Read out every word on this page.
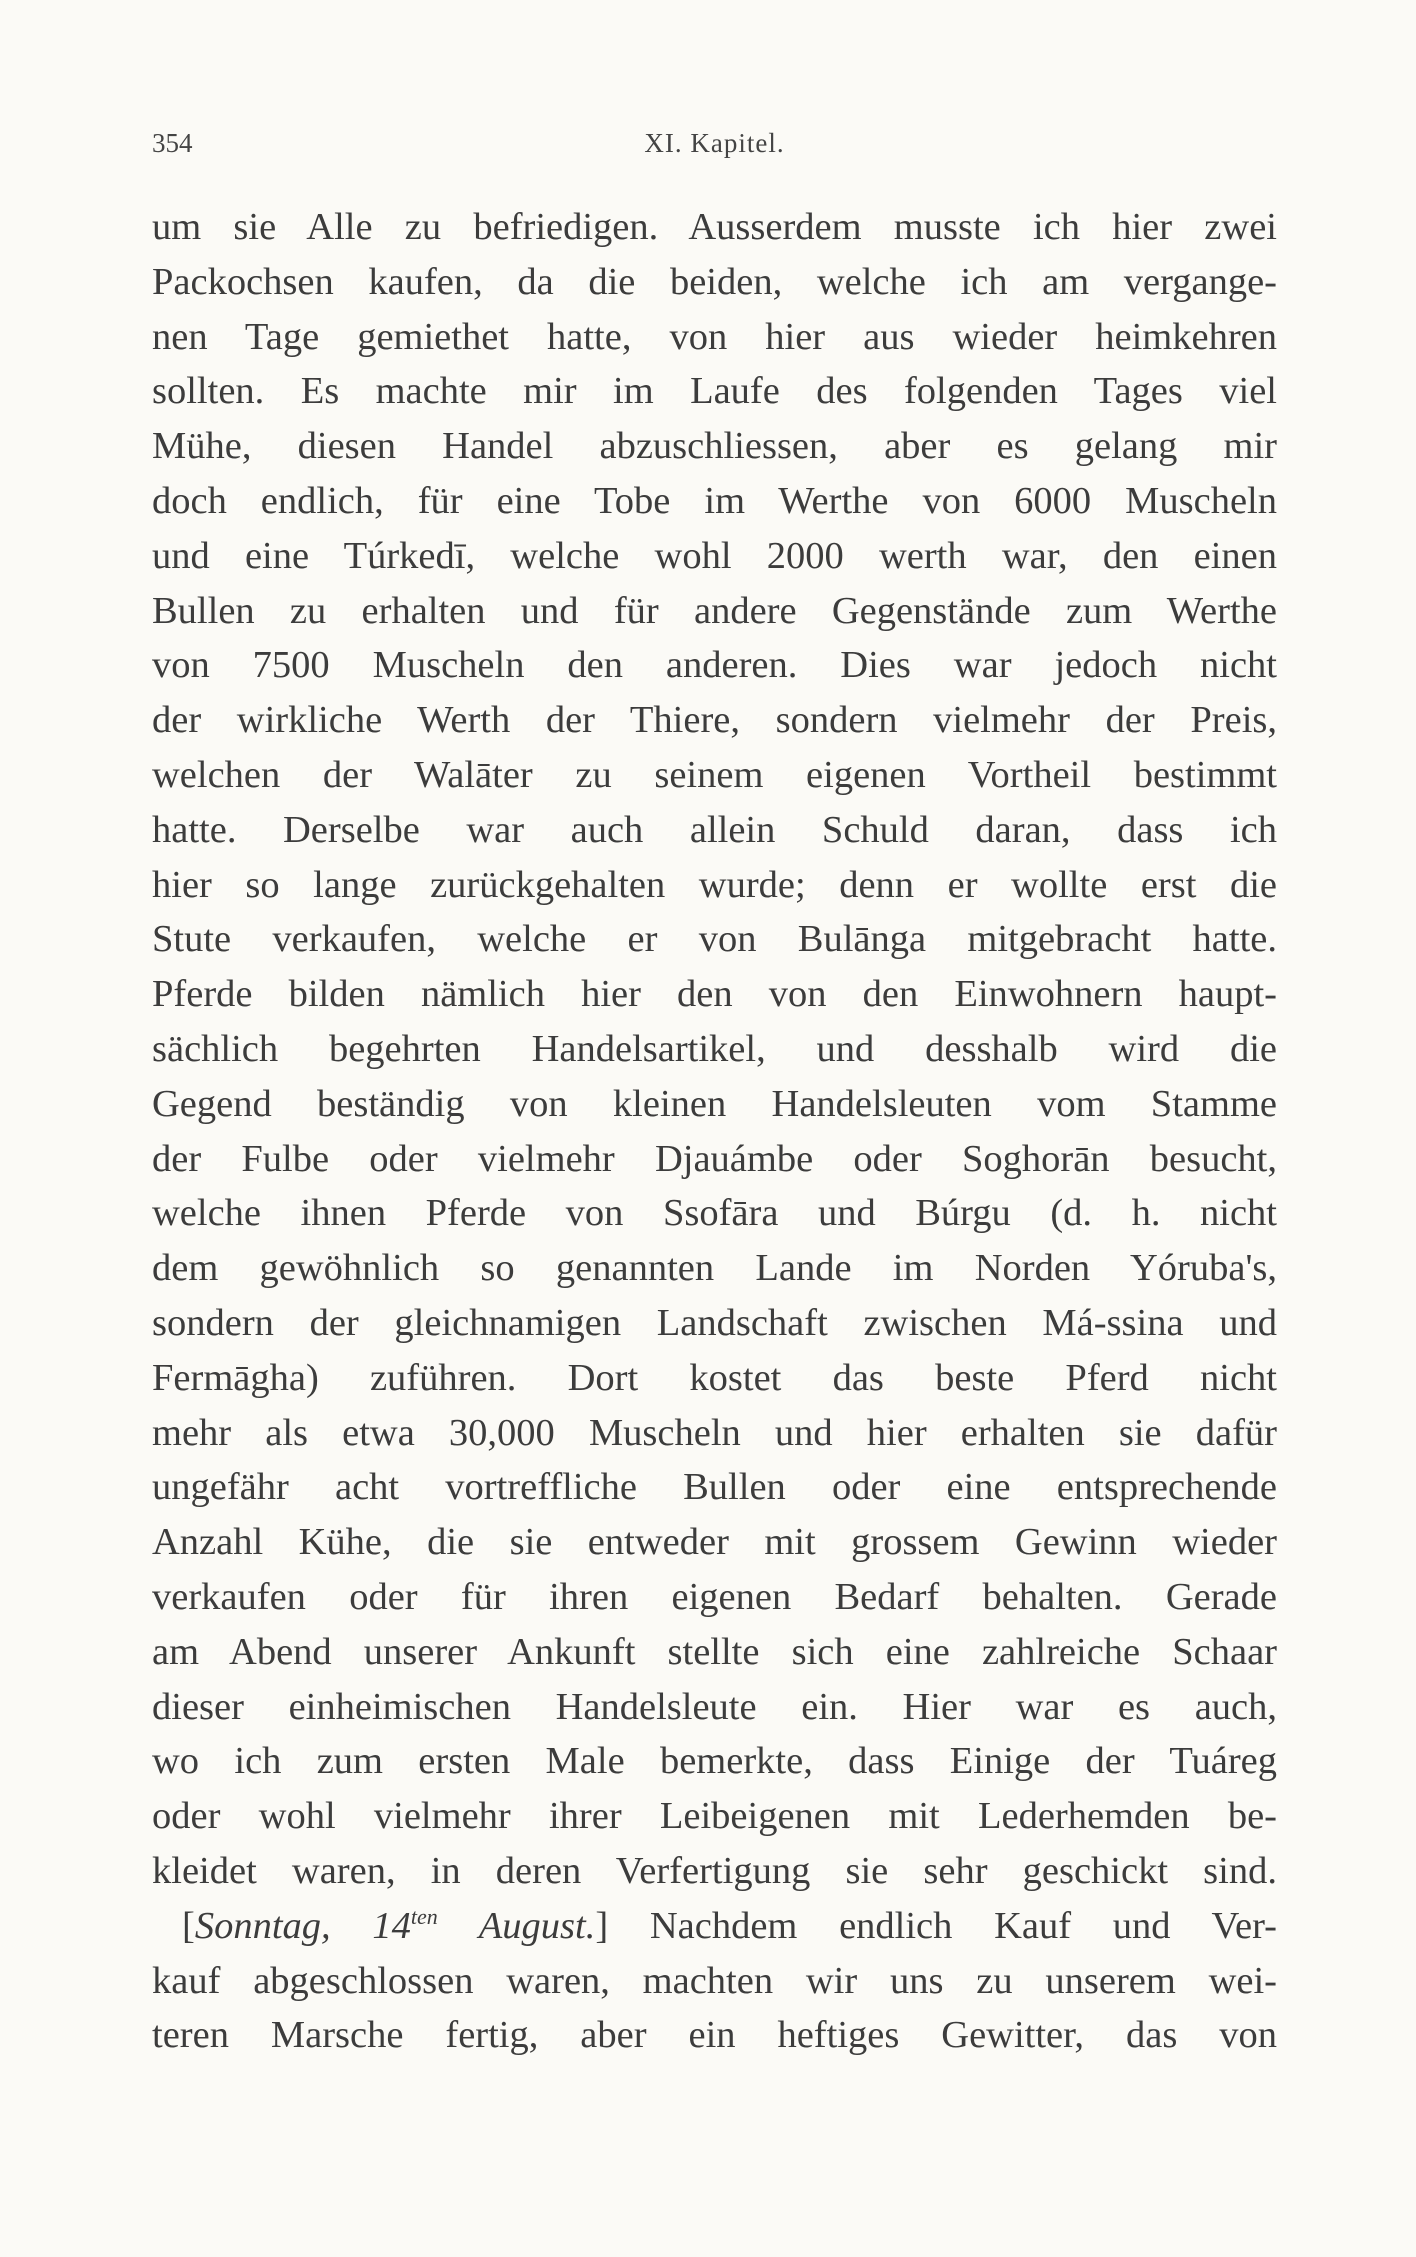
354	XI. Kapitel.
um sie Alle zu befriedigen. Ausserdem musste ich hier zwei
Packochsen kaufen, da die beiden, welche ich am vergange-
nen Tage gemiethet hatte, von hier aus wieder heimkehren
sollten. Es machte mir im Laufe des folgenden Tages viel
Mühe, diesen Handel abzuschliessen, aber es gelang mir
doch endlich, für eine Tobe im Werthe von 6000 Muscheln
und eine Túrkedī, welche wohl 2000 werth war, den einen
Bullen zu erhalten und für andere Gegenstände zum Werthe
von 7500 Muscheln den anderen. Dies war jedoch nicht
der wirkliche Werth der Thiere, sondern vielmehr der Preis,
welchen der Walāter zu seinem eigenen Vortheil bestimmt
hatte. Derselbe war auch allein Schuld daran, dass ich
hier so lange zurückgehalten wurde; denn er wollte erst die
Stute verkaufen, welche er von Bulānga mitgebracht hatte.
Pferde bilden nämlich hier den von den Einwohnern haupt-
sächlich begehrten Handelsartikel, und desshalb wird die
Gegend beständig von kleinen Handelsleuten vom Stamme
der Fulbe oder vielmehr Djauámbe oder Soghorān besucht,
welche ihnen Pferde von Ssofāra und Búrgu (d. h. nicht
dem gewöhnlich so genannten Lande im Norden Yóruba's,
sondern der gleichnamigen Landschaft zwischen Má-ssina und
Fermāgha) zuführen. Dort kostet das beste Pferd nicht
mehr als etwa 30,000 Muscheln und hier erhalten sie dafür
ungefähr acht vortreffliche Bullen oder eine entsprechende
Anzahl Kühe, die sie entweder mit grossem Gewinn wieder
verkaufen oder für ihren eigenen Bedarf behalten. Gerade
am Abend unserer Ankunft stellte sich eine zahlreiche Schaar
dieser einheimischen Handelsleute ein. Hier war es auch,
wo ich zum ersten Male bemerkte, dass Einige der Tuáreg
oder wohl vielmehr ihrer Leibeigenen mit Lederhemden be-
kleidet waren, in deren Verfertigung sie sehr geschickt sind.
[Sonntag, $14^{ten}$ August.] Nachdem endlich Kauf und Ver-
kauf abgeschlossen waren, machten wir uns zu unserem wei-
teren Marsche fertig, aber ein heftiges Gewitter, das von
